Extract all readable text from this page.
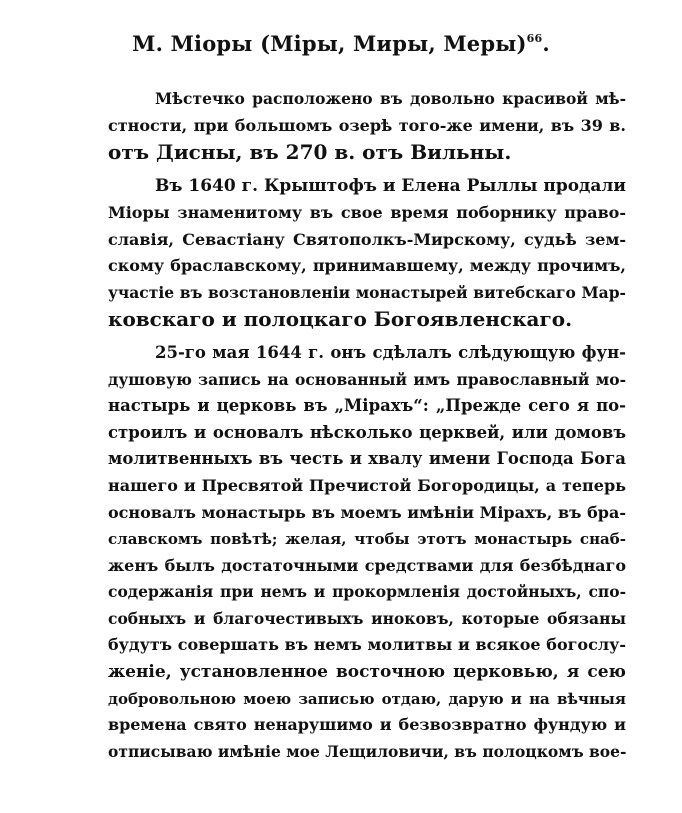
М. Міоры (Міры, Миры, Меры)$^{66}$.
Мѣстечко расположено въ довольно красивой мѣ-
стности, при большомъ озерѣ того-же имени, въ 39 в.
отъ Дисны, въ 270 в. отъ Вильны.
Въ 1640 г. Крыштофъ и Елена Рыллы продали
Міоры знаменитому въ свое время поборнику право-
славія, Севастіану Святополкъ-Мирскому, судьѣ зем-
скому браславскому, принимавшему, между прочимъ,
участіе въ возстановленіи монастырей витебскаго Мар-
ковскаго и полоцкаго Богоявленскаго.
25-го мая 1644 г. онъ сдѣлалъ слѣдующую фун-
душовую запись на основанный имъ православный мо-
настырь и церковь въ „Мірахъ“: „Прежде сего я по-
строилъ и основалъ нѣсколько церквей, или домовъ
молитвенныхъ въ честь и хвалу имени Господа Бога
нашего и Пресвятой Пречистой Богородицы, а теперь
основалъ монастырь въ моемъ имѣніи Мірахъ, въ бра-
славскомъ повѣтѣ; желая, чтобы этотъ монастырь снаб-
женъ былъ достаточными средствами для безбѣднаго
содержанія при немъ и прокормленія достойныхъ, спо-
собныхъ и благочестивыхъ иноковъ, которые обязаны
будутъ совершать въ немъ молитвы и всякое богослу-
женіе, установленное восточною церковью, я сею
добровольною моею записью отдаю, дарую и на вѣчныя
времена свято ненарушимо и безвозвратно фундую и
отписываю имѣніе мое Лещиловичи, въ полоцкомъ вое-
